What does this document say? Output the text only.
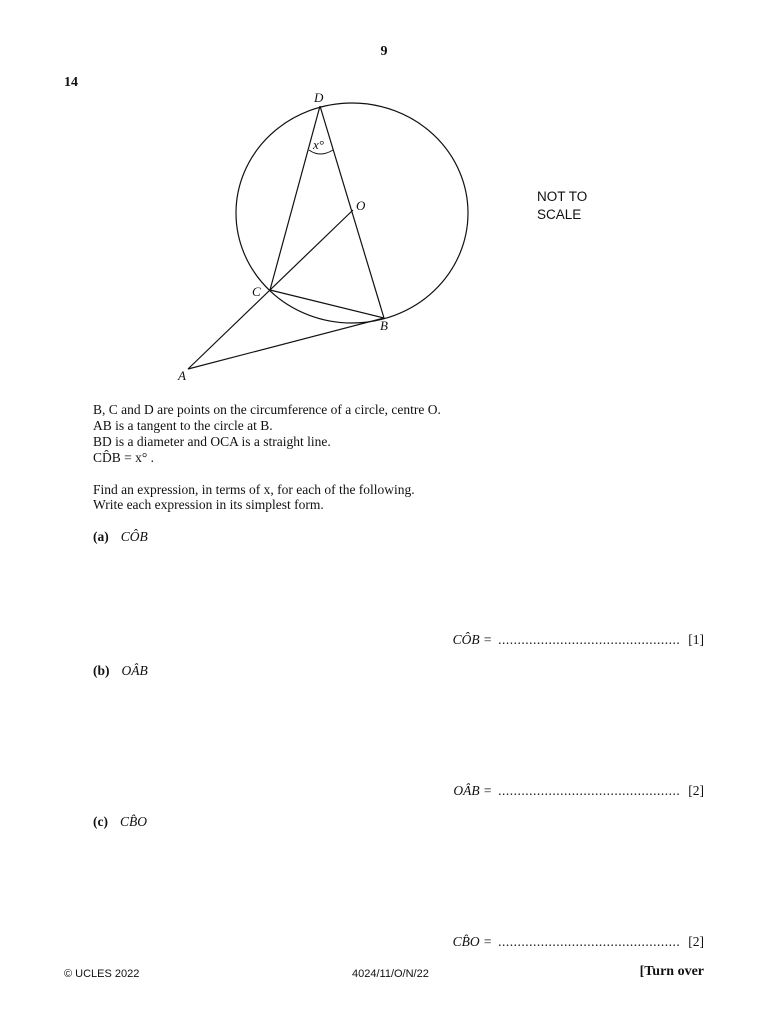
9
14
D
x°
O
C
B
A
NOT TO
SCALE
B, C and D are points on the circumference of a circle, centre O.
AB is a tangent to the circle at B.
BD is a diameter and OCA is a straight line.
CD̂B = x° .
Find an expression, in terms of x, for each of the following.
Write each expression in its simplest form.
(a) CÔB
CÔB = ............................................... [1]
(b) OÂB
OÂB = ............................................... [2]
(c) CB̂O
CB̂O = ............................................... [2]
© UCLES 2022	4024/11/O/N/22	[Turn over
